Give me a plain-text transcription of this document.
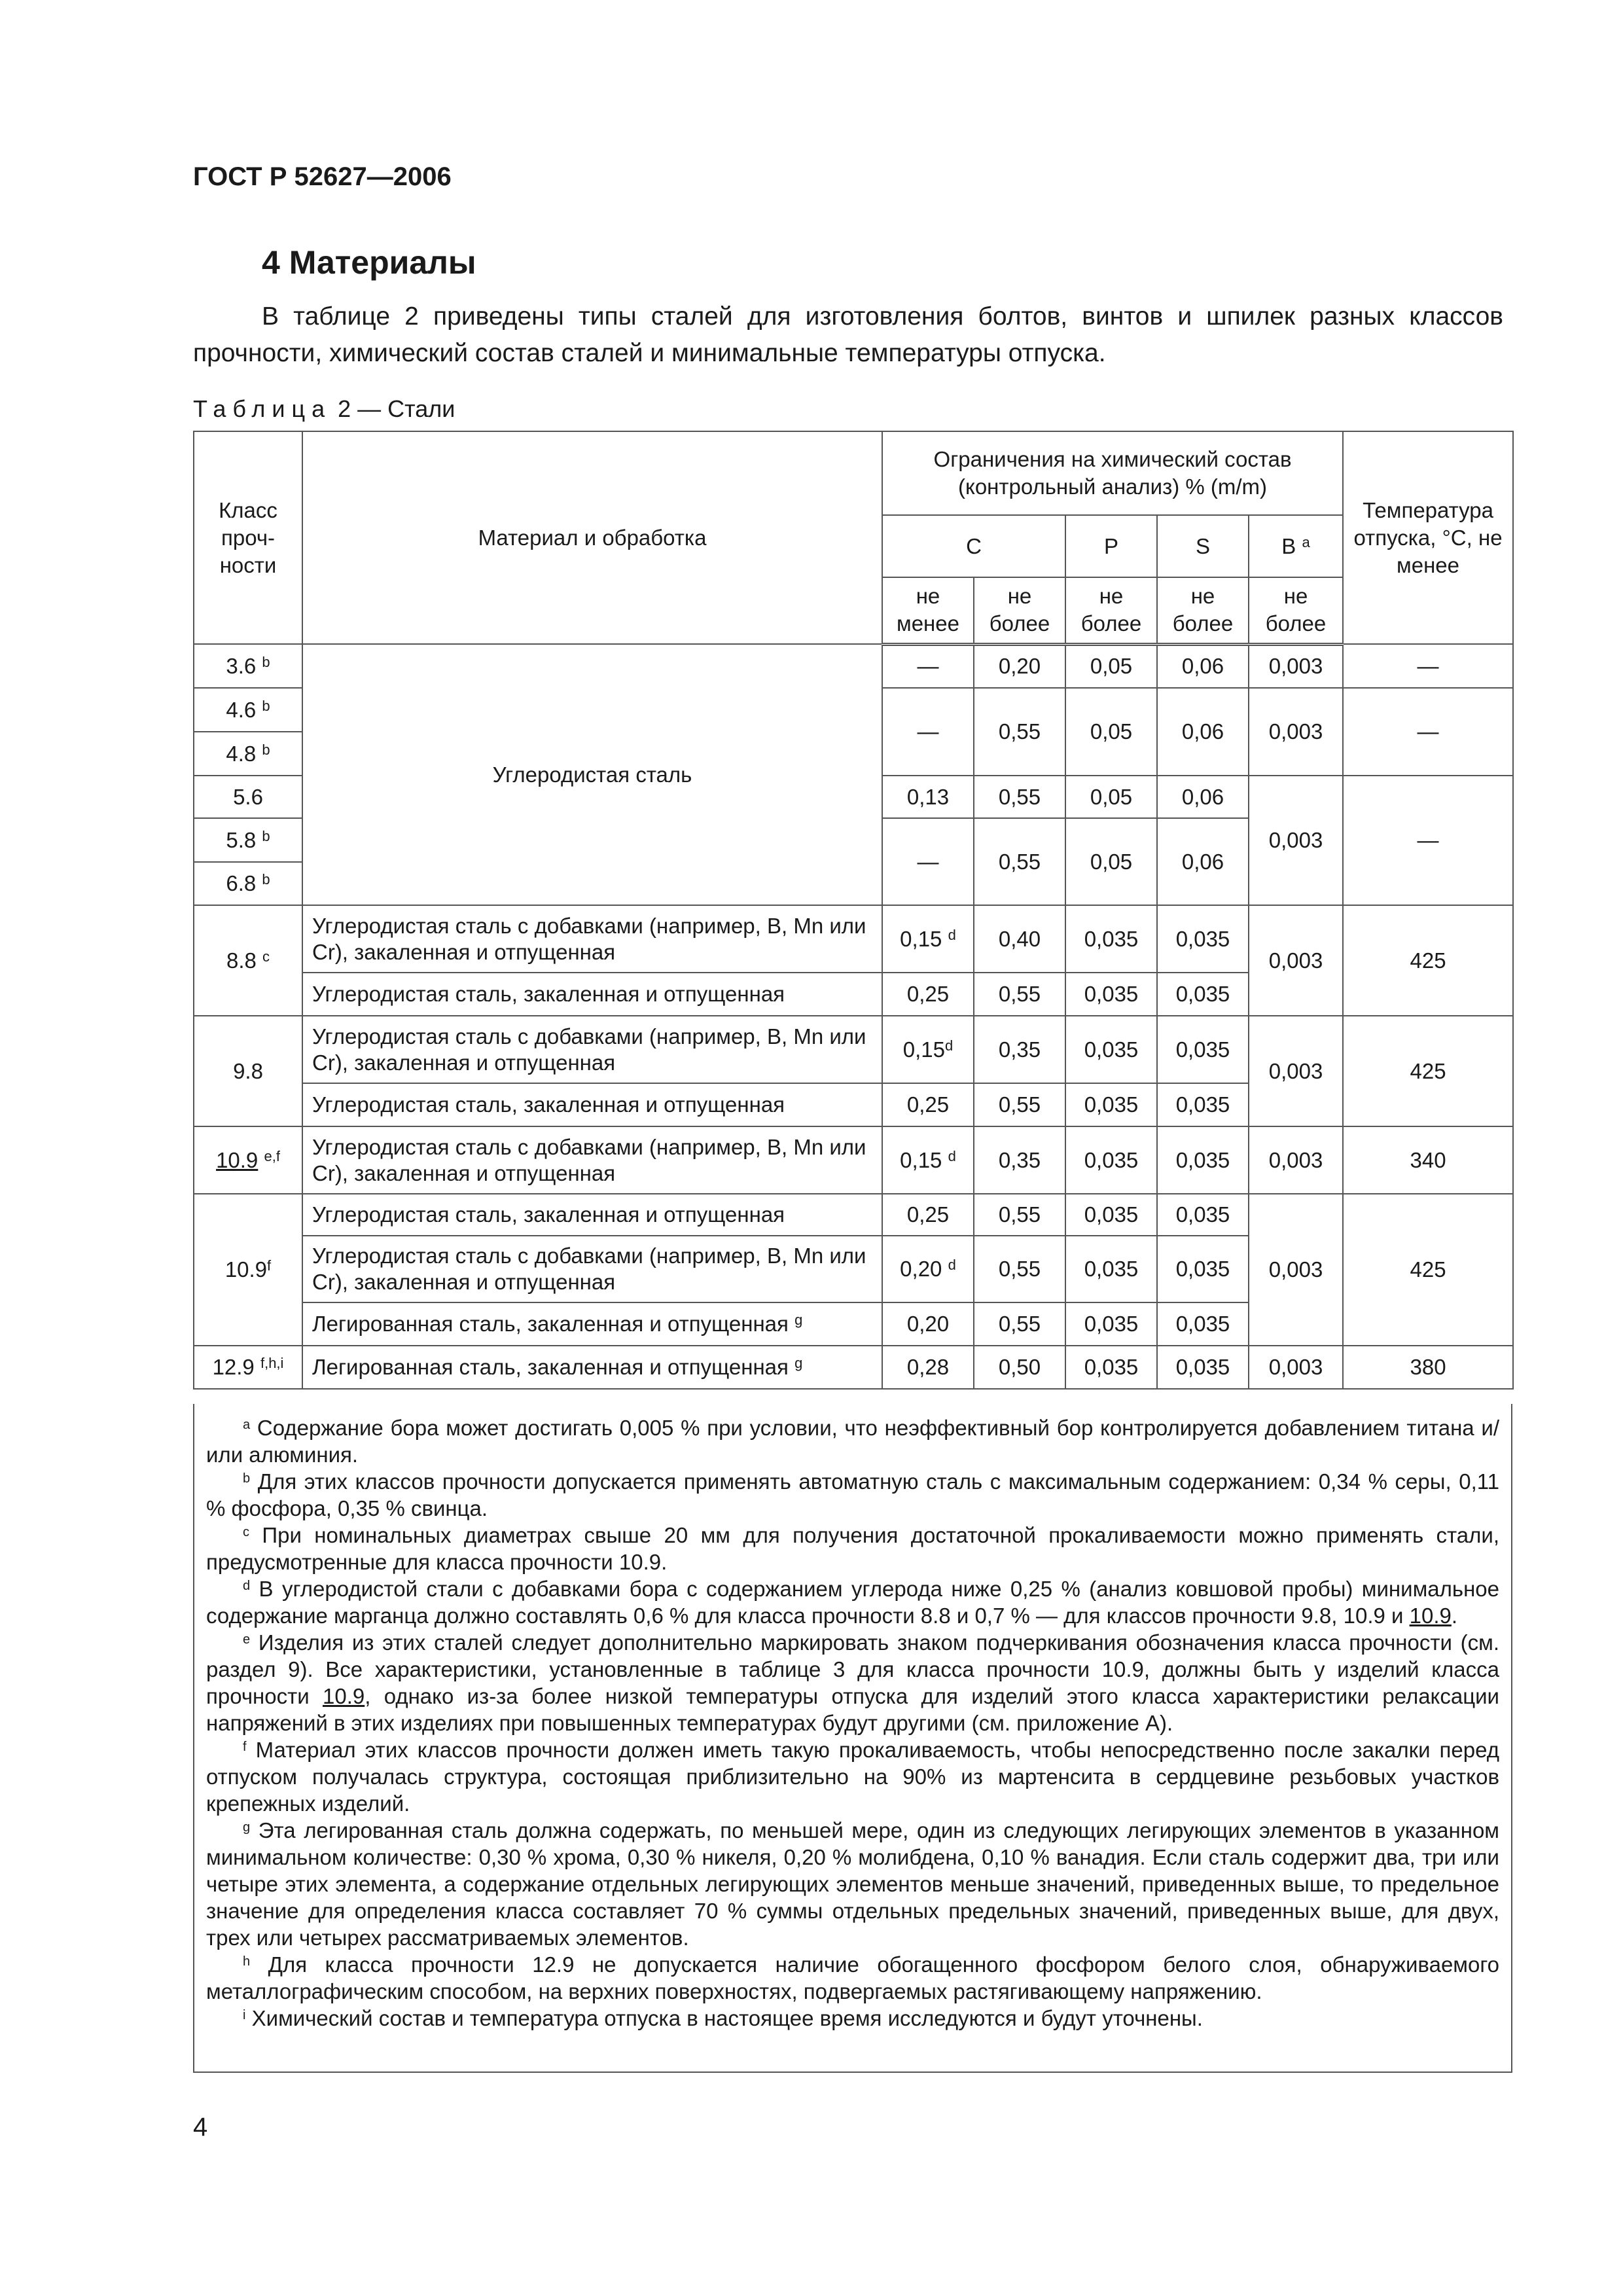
ГОСТ Р 52627—2006
4 Материалы
В таблице 2 приведены типы сталей для изготовления болтов, винтов и шпилек разных классов прочности, химический состав сталей и минимальные температуры отпуска.
Таблица 2 — Стали
Класс проч-ности	Материал и обработка	Ограничения на химический состав (контрольный анализ) % (m/m)					Температура отпуска, °С, не менее
		C		P	S	B $^a$
		не менее	не более	не более	не более	не более	
3.6 $^b$	Углеродистая сталь	—	0,20	0,05	0,06	0,003	—
4.6 $^b$		—	0,55	0,05	0,06	0,003	—
4.8 $^b$
5.6		0,13	0,55	0,05	0,06	0,003	—
5.8 $^b$		—	0,55	0,05	0,06		
6.8 $^b$
8.8 $^c$	Углеродистая сталь с добавками (например, B, Mn или Cr), закаленная и отпущенная	0,15 $^d$	0,40	0,035	0,035	0,003	425
	Углеродистая сталь, закаленная и отпущенная	0,25	0,55	0,035	0,035		
9.8	Углеродистая сталь с добавками (например, B, Mn или Cr), закаленная и отпущенная	0,15$^d$	0,35	0,035	0,035	0,003	425
	Углеродистая сталь, закаленная и отпущенная	0,25	0,55	0,035	0,035		
10.9 $^{e,f}$	Углеродистая сталь с добавками (например, B, Mn или Cr), закаленная и отпущенная	0,15 $^d$	0,35	0,035	0,035	0,003	340
10.9$^f$	Углеродистая сталь, закаленная и отпущенная	0,25	0,55	0,035	0,035	0,003	425
	Углеродистая сталь с добавками (например, B, Mn или Cr), закаленная и отпущенная	0,20 $^d$	0,55	0,035	0,035		
	Легированная сталь, закаленная и отпущенная $^g$	0,20	0,55	0,035	0,035		
12.9 $^{f,h,i}$	Легированная сталь, закаленная и отпущенная $^g$	0,28	0,50	0,035	0,035	0,003	380

$^a$ Содержание бора может достигать 0,005 % при условии, что неэффективный бор контролируется добавлением титана и/или алюминия.

$^b$ Для этих классов прочности допускается применять автоматную сталь с максимальным содержанием: 0,34 % серы, 0,11 % фосфора, 0,35 % свинца.

$^c$ При номинальных диаметрах свыше 20 мм для получения достаточной прокаливаемости можно применять стали, предусмотренные для класса прочности 10.9.

$^d$ В углеродистой стали с добавками бора с содержанием углерода ниже 0,25 % (анализ ковшовой пробы) минимальное содержание марганца должно составлять 0,6 % для класса прочности 8.8 и 0,7 % — для классов прочности 9.8, 10.9 и 10.9.

$^e$ Изделия из этих сталей следует дополнительно маркировать знаком подчеркивания обозначения класса прочности (см. раздел 9). Все характеристики, установленные в таблице 3 для класса прочности 10.9, должны быть у изделий класса прочности 10.9, однако из-за более низкой температуры отпуска для изделий этого класса характеристики релаксации напряжений в этих изделиях при повышенных температурах будут другими (см. приложение А).

$^f$ Материал этих классов прочности должен иметь такую прокаливаемость, чтобы непосредственно после закалки перед отпуском получалась структура, состоящая приблизительно на 90% из мартенсита в сердцевине резьбовых участков крепежных изделий.

$^g$ Эта легированная сталь должна содержать, по меньшей мере, один из следующих легирующих элементов в указанном минимальном количестве: 0,30 % хрома, 0,30 % никеля, 0,20 % молибдена, 0,10 % ванадия. Если сталь содержит два, три или четыре этих элемента, а содержание отдельных легирующих элементов меньше значений, приведенных выше, то предельное значение для определения класса составляет 70 % суммы отдельных предельных значений, приведенных выше, для двух, трех или четырех рассматриваемых элементов.

$^h$ Для класса прочности 12.9 не допускается наличие обогащенного фосфором белого слоя, обнаруживаемого металлографическим способом, на верхних поверхностях, подвергаемых растягивающему напряжению.

$^i$ Химический состав и температура отпуска в настоящее время исследуются и будут уточнены.

4
